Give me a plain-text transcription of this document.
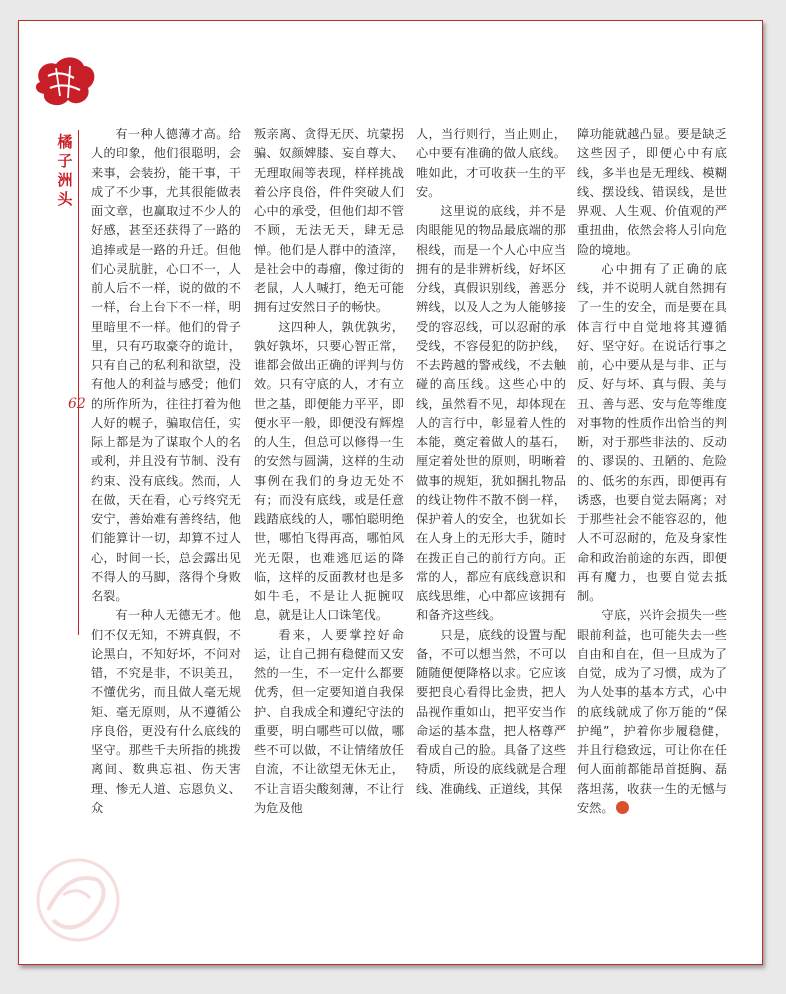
橘子洲头
62

有一种人德薄才高。给人的印象，他们很聪明，会来事，会装扮，能干事，干成了不少事，尤其很能做表面文章，也赢取过不少人的好感，甚至还获得了一路的追捧或是一路的升迁。但他们心灵肮脏，心口不一，人前人后不一样，说的做的不一样，台上台下不一样，明里暗里不一样。他们的骨子里，只有巧取豪夺的诡计，只有自己的私利和欲望，没有他人的利益与感受；他们的所作所为，往往打着为他人好的幌子，骗取信任，实际上都是为了谋取个人的名或利，并且没有节制、没有约束、没有底线。然而，人在做，天在看，心亏终究无安宁，善始难有善终结，他们能算计一切，却算不过人心，时间一长，总会露出见不得人的马脚，落得个身败名裂。

有一种人无德无才。他们不仅无知，不辨真假，不论黑白，不知好坏，不问对错，不究是非，不识美丑，不懂优劣，而且做人毫无规矩、毫无原则，从不遵循公序良俗，更没有什么底线的坚守。那些千夫所指的挑拨离间、数典忘祖、伤天害理、惨无人道、忘恩负义、众

叛亲离、贪得无厌、坑蒙拐骗、奴颜婢膝、妄自尊大、无理取闹等表现，样样挑战着公序良俗，件件突破人们心中的承受，但他们却不管不顾，无法无天，肆无忌惮。他们是人群中的渣滓，是社会中的毒瘤，像过街的老鼠，人人喊打，绝无可能拥有过安然日子的畅快。

这四种人，孰优孰劣，孰好孰坏，只要心智正常，谁都会做出正确的评判与仿效。只有守底的人，才有立世之基，即便能力平平，即便水平一般，即便没有辉煌的人生，但总可以修得一生的安然与圆满，这样的生动事例在我们的身边无处不有；而没有底线，或是任意践踏底线的人，哪怕聪明绝世，哪怕飞得再高，哪怕风光无限，也难逃厄运的降临，这样的反面教材也是多如牛毛，不是让人扼腕叹息，就是让人口诛笔伐。

看来，人要掌控好命运，让自己拥有稳健而又安然的一生，不一定什么都要优秀，但一定要知道自我保护、自我成全和遵纪守法的重要，明白哪些可以做，哪些不可以做，不让情绪放任自流，不让欲望无休无止，不让言语尖酸刻薄，不让行为危及他

人，当行则行，当止则止，心中要有准确的做人底线。唯如此，才可收获一生的平安。

这里说的底线，并不是肉眼能见的物品最底端的那根线，而是一个人心中应当拥有的是非辨析线，好坏区分线，真假识别线，善恶分辨线，以及人之为人能够接受的容忍线，可以忍耐的承受线，不容侵犯的防护线，不去跨越的警戒线，不去触碰的高压线。这些心中的线，虽然看不见，却体现在人的言行中，彰显着人性的本能，奠定着做人的基石，厘定着处世的原则，明晰着做事的规矩，犹如捆扎物品的线让物件不散不倒一样，保护着人的安全，也犹如长在人身上的无形大手，随时在拨正自己的前行方向。正常的人，都应有底线意识和底线思维，心中都应该拥有和备齐这些线。

只是，底线的设置与配备，不可以想当然，不可以随随便便降格以求。它应该要把良心看得比金贵，把人品视作重如山，把平安当作命运的基本盘，把人格尊严看成自己的脸。具备了这些特质，所设的底线就是合理线、准确线、正道线，其保

障功能就越凸显。要是缺乏这些因子，即便心中有底线，多半也是无理线、模糊线、摆设线、错误线，是世界观、人生观、价值观的严重扭曲，依然会将人引向危险的境地。

心中拥有了正确的底线，并不说明人就自然拥有了一生的安全，而是要在具体言行中自觉地将其遵循好、坚守好。在说话行事之前，心中要从是与非、正与反、好与坏、真与假、美与丑、善与恶、安与危等维度对事物的性质作出恰当的判断，对于那些非法的、反动的、谬误的、丑陋的、危险的、低劣的东西，即便再有诱惑，也要自觉去隔离；对于那些社会不能容忍的，他人不可忍耐的，危及身家性命和政治前途的东西，即便再有魔力，也要自觉去抵制。

守底，兴许会损失一些眼前利益，也可能失去一些自由和自在，但一旦成为了自觉，成为了习惯，成为了为人处事的基本方式，心中的底线就成了你万能的“保护绳”，护着你步履稳健，并且行稳致远，可让你在任何人面前都能昂首挺胸、磊落坦荡，收获一生的无憾与安然。
